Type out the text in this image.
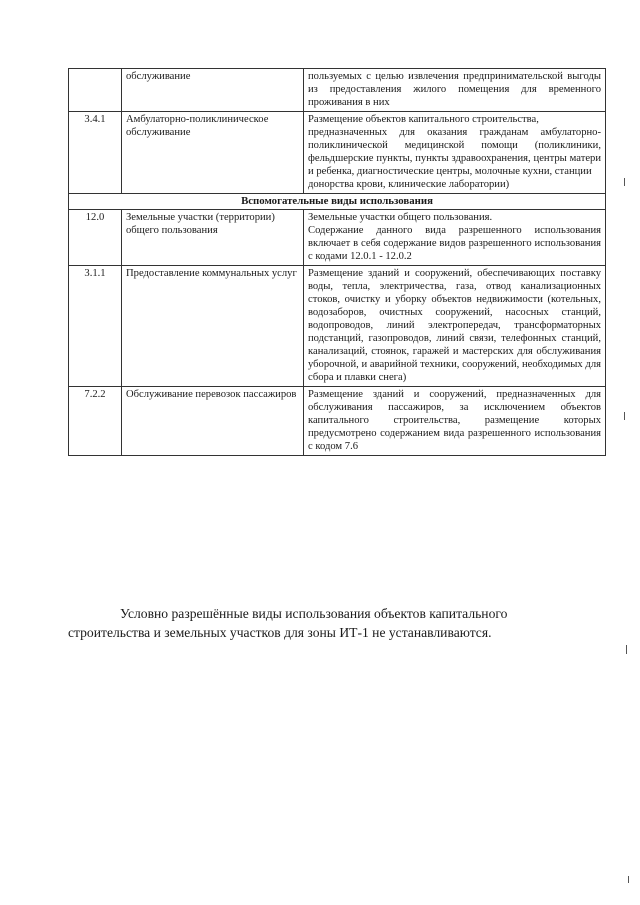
	обслуживание	пользуемых с целью извлечения предпринимательской выгоды из предоставления жилого помещения для временного проживания в них

3.4.1	Амбулаторно-поликлиническое обслуживание	Размещение объектов капитального строительства,
предназначенных для оказания гражданам амбулаторно-поликлинической медицинской помощи (поликлиники, фельдшерские пункты, пункты здравоохранения, центры матери и ребенка, диагностические центры, молочные кухни, станции
донорства крови, клинические лаборатории)

Вспомогательные виды использования		
12.0	Земельные участки (территории) общего пользования	Земельные участки общего пользования.
Содержание данного вида разрешенного использования включает в себя содержание видов разрешенного использования с кодами 12.0.1 - 12.0.2

3.1.1	Предоставление коммунальных услуг	Размещение зданий и сооружений, обеспечивающих поставку воды, тепла, электричества, газа, отвод канализационных стоков, очистку и уборку объектов недвижимости (котельных, водозаборов, очистных сооружений, насосных станций, водопроводов, линий электропередач, трансформаторных подстанций, газопроводов, линий связи, телефонных станций, канализаций, стоянок, гаражей и мастерских для обслуживания уборочной, и аварийной техники, сооружений, необходимых для сбора и плавки снега)

7.2.2	Обслуживание перевозок пассажиров	Размещение зданий и сооружений, предназначенных для обслуживания пассажиров, за исключением объектов капитального строительства, размещение которых предусмотрено содержанием вида разрешенного использования с кодом 7.6

Условно разрешённые виды использования объектов капитального
строительства и земельных участков для зоны ИТ-1 не устанавливаются.
